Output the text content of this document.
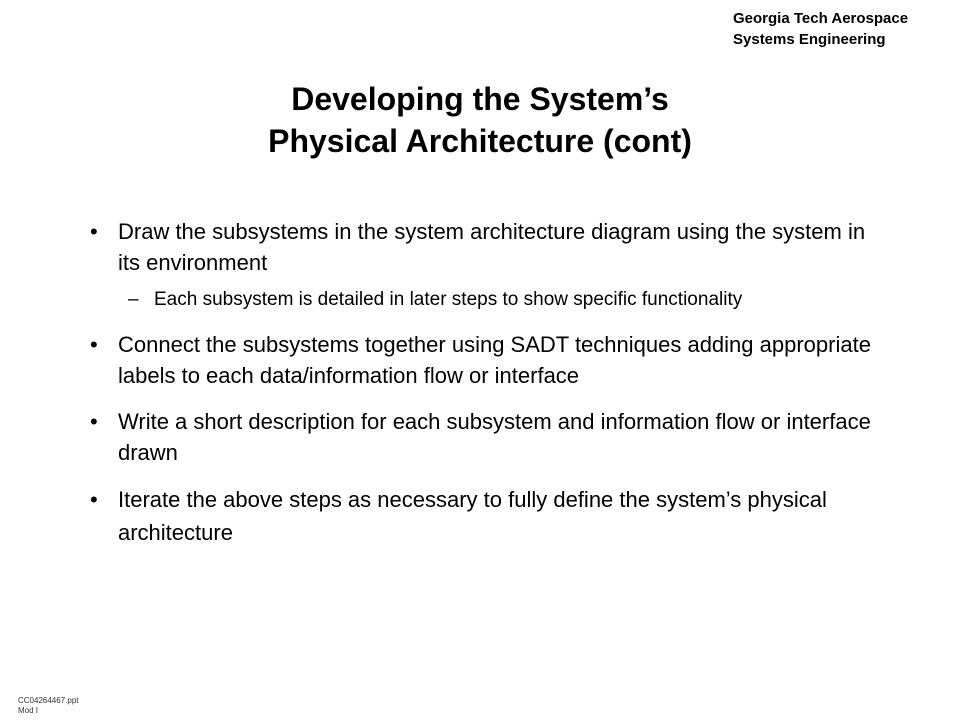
Georgia Tech Aerospace
Systems Engineering
Developing the System’s
Physical Architecture (cont)
• Draw the subsystems in the system architecture diagram using the system in its environment
– Each subsystem is detailed in later steps to show specific functionality
• Connect the subsystems together using SADT techniques adding appropriate labels to each data/information flow or interface
• Write a short description for each subsystem and information flow or interface drawn
• Iterate the above steps as necessary to fully define the system’s physical architecture
CC04264467.ppt
Mod I
